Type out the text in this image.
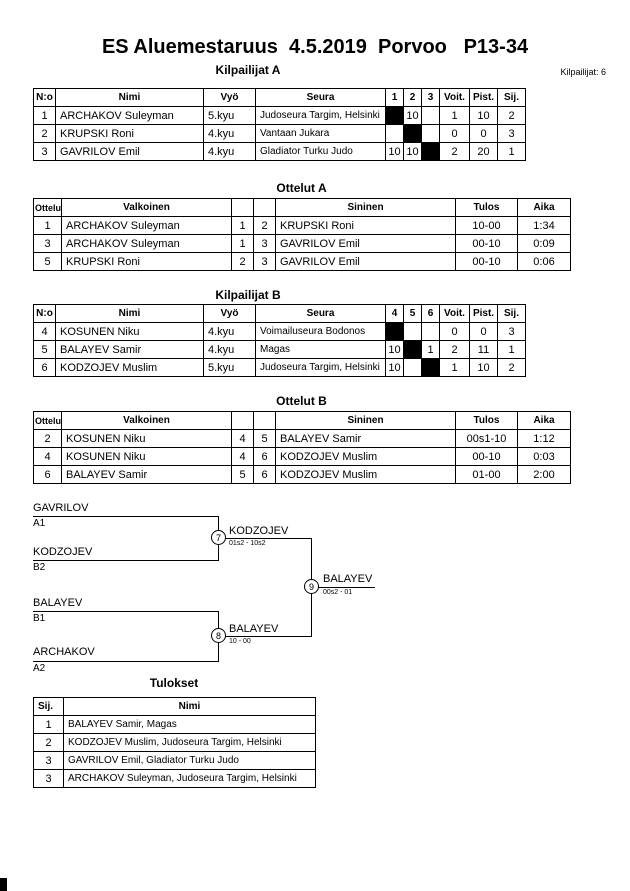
ES Aluemestaruus  4.5.2019  Porvoo   P13-34
Kilpailijat: 6
Kilpailijat A
N:o	Nimi	Vyö	Seura	1	2	3	Voit.	Pist.	Sij.
1	ARCHAKOV Suleyman	5.kyu	Judoseura Targim, Helsinki		10		1	10	2
2	KRUPSKI Roni	4.kyu	Vantaan Jukara				0	0	3
3	GAVRILOV Emil	4.kyu	Gladiator Turku Judo	10	10		2	20	1
Ottelut A
Ottelu	Valkoinen			Sininen	Tulos	Aika
1	ARCHAKOV Suleyman	1	2	KRUPSKI Roni	10-00	1:34
3	ARCHAKOV Suleyman	1	3	GAVRILOV Emil	00-10	0:09
5	KRUPSKI Roni	2	3	GAVRILOV Emil	00-10	0:06
Kilpailijat B
N:o	Nimi	Vyö	Seura	4	5	6	Voit.	Pist.	Sij.
4	KOSUNEN Niku	4.kyu	Voimailuseura Bodonos				0	0	3
5	BALAYEV Samir	4.kyu	Magas	10		1	2	11	1
6	KODZOJEV Muslim	5.kyu	Judoseura Targim, Helsinki	10			1	10	2
Ottelut B
Ottelu	Valkoinen			Sininen	Tulos	Aika
2	KOSUNEN Niku	4	5	BALAYEV Samir	00s1-10	1:12
4	KOSUNEN Niku	4	6	KODZOJEV Muslim	00-10	0:03
6	BALAYEV Samir	5	6	KODZOJEV Muslim	01-00	2:00
GAVRILOV
A1
KODZOJEV
B2
7
KODZOJEV
01s2 - 10s2
BALAYEV
B1
ARCHAKOV
A2
8
BALAYEV
10 - 00
9
BALAYEV
00s2 - 01
Tulokset
Sij.	Nimi
1	BALAYEV Samir, Magas
2	KODZOJEV Muslim, Judoseura Targim, Helsinki
3	GAVRILOV Emil, Gladiator Turku Judo
3	ARCHAKOV Suleyman, Judoseura Targim, Helsinki
